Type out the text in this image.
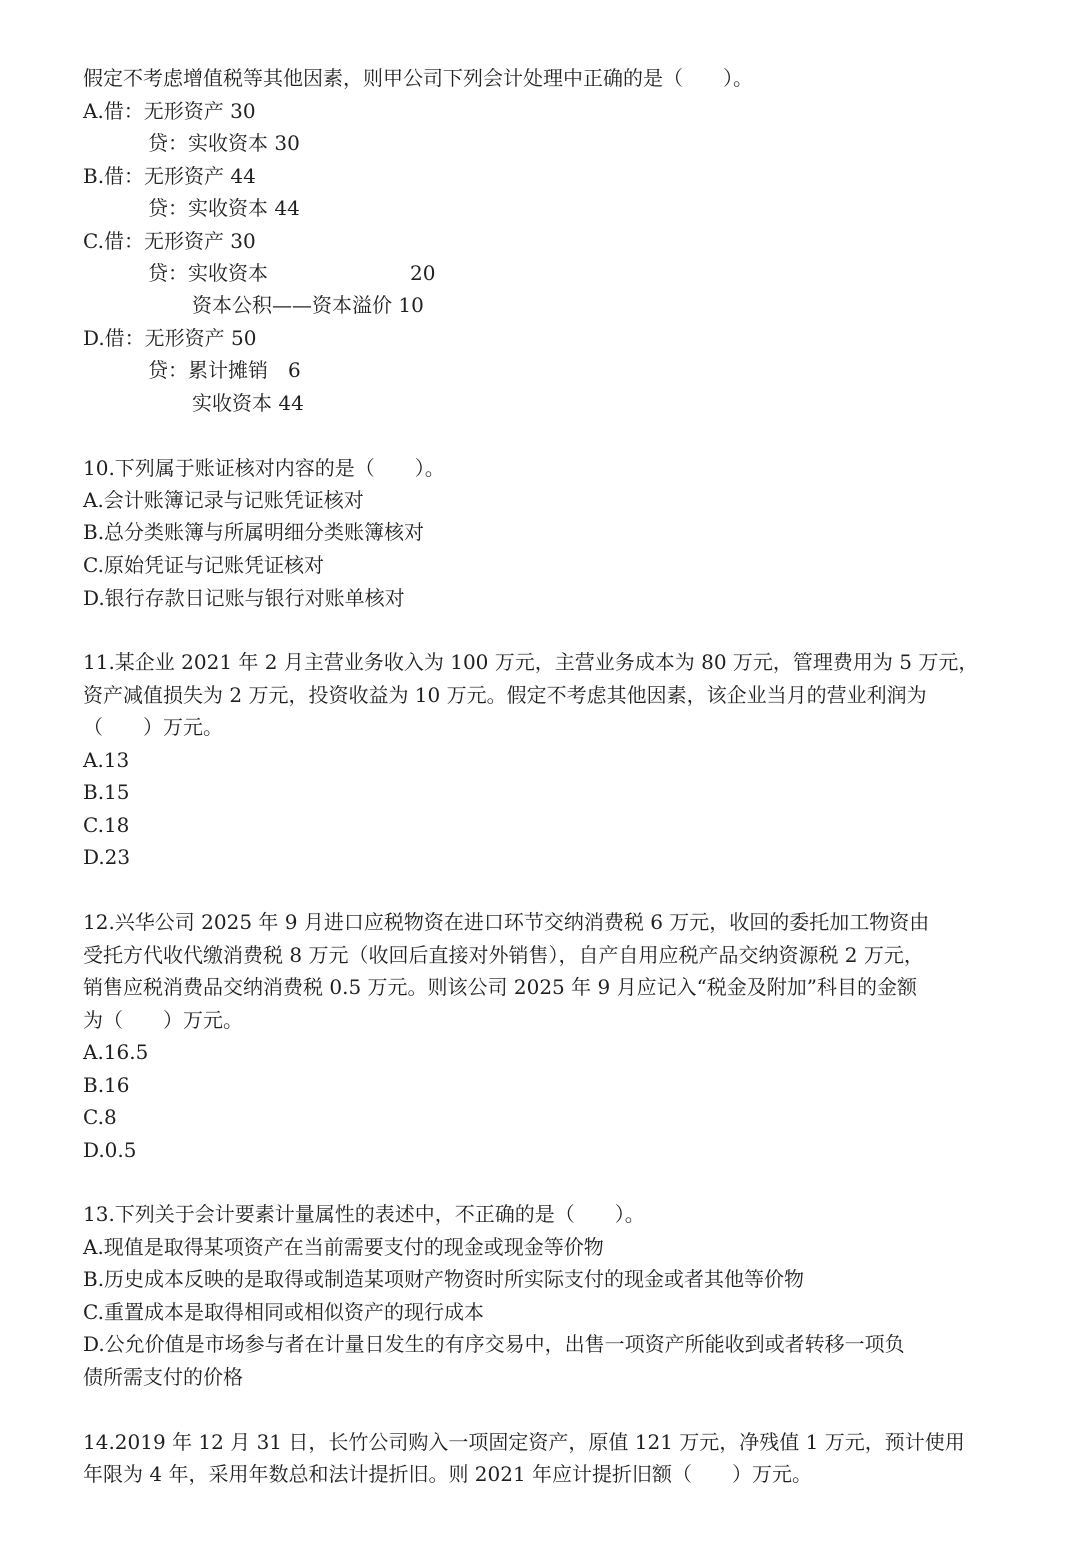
假定不考虑增值税等其他因素，则甲公司下列会计处理中正确的是（　　）。
A.借：无形资产 30
贷：实收资本 30
B.借：无形资产 44
贷：实收资本 44
C.借：无形资产 30
贷：实收资本	20
资本公积——资本溢价 10
D.借：无形资产 50
贷：累计摊销　6
实收资本 44
10.下列属于账证核对内容的是（　　）。
A.会计账簿记录与记账凭证核对
B.总分类账簿与所属明细分类账簿核对
C.原始凭证与记账凭证核对
D.银行存款日记账与银行对账单核对
11.某企业 2021 年 2 月主营业务收入为 100 万元，主营业务成本为 80 万元，管理费用为 5 万元，
资产减值损失为 2 万元，投资收益为 10 万元。假定不考虑其他因素，该企业当月的营业利润为
（　　）万元。
A.13
B.15
C.18
D.23
12.兴华公司 2025 年 9 月进口应税物资在进口环节交纳消费税 6 万元，收回的委托加工物资由
受托方代收代缴消费税 8 万元（收回后直接对外销售），自产自用应税产品交纳资源税 2 万元，
销售应税消费品交纳消费税 0.5 万元。则该公司 2025 年 9 月应记入“税金及附加”科目的金额
为（　　）万元。
A.16.5
B.16
C.8
D.0.5
13.下列关于会计要素计量属性的表述中，不正确的是（　　）。
A.现值是取得某项资产在当前需要支付的现金或现金等价物
B.历史成本反映的是取得或制造某项财产物资时所实际支付的现金或者其他等价物
C.重置成本是取得相同或相似资产的现行成本
D.公允价值是市场参与者在计量日发生的有序交易中，出售一项资产所能收到或者转移一项负
债所需支付的价格
14.2019 年 12 月 31 日，长竹公司购入一项固定资产，原值 121 万元，净残值 1 万元，预计使用
年限为 4 年，采用年数总和法计提折旧。则 2021 年应计提折旧额（　　）万元。
